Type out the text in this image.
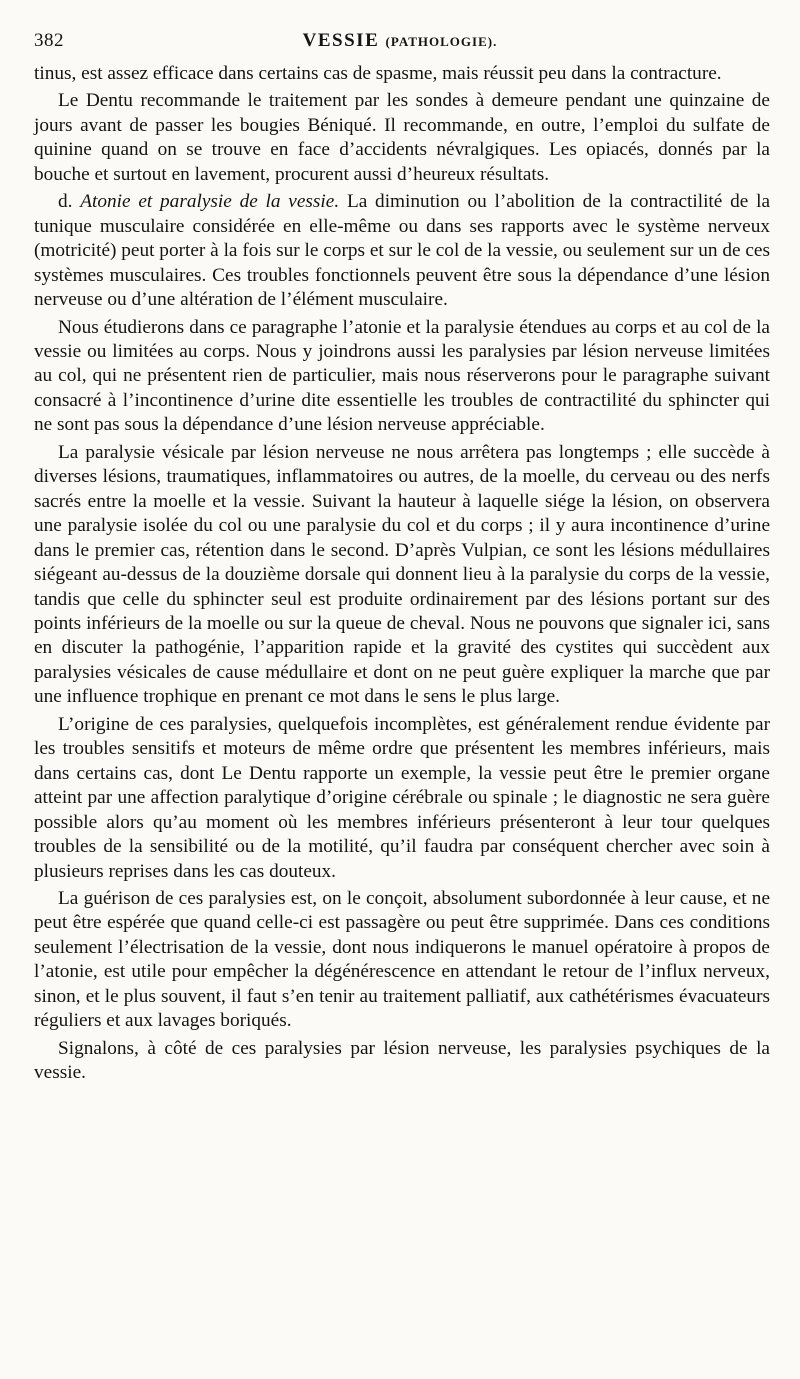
382	VESSIE (PATHOLOGIE).

tinus, est assez efficace dans certains cas de spasme, mais réussit peu dans la contracture.

Le Dentu recommande le traitement par les sondes à demeure pendant une quinzaine de jours avant de passer les bougies Béniqué. Il recommande, en outre, l’emploi du sulfate de quinine quand on se trouve en face d’accidents névralgiques. Les opiacés, donnés par la bouche et surtout en lavement, procurent aussi d’heureux résultats.

d. Atonie et paralysie de la vessie. La diminution ou l’abolition de la contractilité de la tunique musculaire considérée en elle-même ou dans ses rapports avec le système nerveux (motricité) peut porter à la fois sur le corps et sur le col de la vessie, ou seulement sur un de ces systèmes musculaires. Ces troubles fonctionnels peuvent être sous la dépendance d’une lésion nerveuse ou d’une altération de l’élément musculaire.

Nous étudierons dans ce paragraphe l’atonie et la paralysie étendues au corps et au col de la vessie ou limitées au corps. Nous y joindrons aussi les paralysies par lésion nerveuse limitées au col, qui ne présentent rien de particulier, mais nous réserverons pour le paragraphe suivant consacré à l’incontinence d’urine dite essentielle les troubles de contractilité du sphincter qui ne sont pas sous la dépendance d’une lésion nerveuse appréciable.

La paralysie vésicale par lésion nerveuse ne nous arrêtera pas longtemps ; elle succède à diverses lésions, traumatiques, inflammatoires ou autres, de la moelle, du cerveau ou des nerfs sacrés entre la moelle et la vessie. Suivant la hauteur à laquelle siége la lésion, on observera une paralysie isolée du col ou une paralysie du col et du corps ; il y aura incontinence d’urine dans le premier cas, rétention dans le second. D’après Vulpian, ce sont les lésions médullaires siégeant au-dessus de la douzième dorsale qui donnent lieu à la paralysie du corps de la vessie, tandis que celle du sphincter seul est produite ordinairement par des lésions portant sur des points inférieurs de la moelle ou sur la queue de cheval. Nous ne pouvons que signaler ici, sans en discuter la pathogénie, l’apparition rapide et la gravité des cystites qui succèdent aux paralysies vésicales de cause médullaire et dont on ne peut guère expliquer la marche que par une influence trophique en prenant ce mot dans le sens le plus large.

L’origine de ces paralysies, quelquefois incomplètes, est généralement rendue évidente par les troubles sensitifs et moteurs de même ordre que présentent les membres inférieurs, mais dans certains cas, dont Le Dentu rapporte un exemple, la vessie peut être le premier organe atteint par une affection paralytique d’origine cérébrale ou spinale ; le diagnostic ne sera guère possible alors qu’au moment où les membres inférieurs présenteront à leur tour quelques troubles de la sensibilité ou de la motilité, qu’il faudra par conséquent chercher avec soin à plusieurs reprises dans les cas douteux.

La guérison de ces paralysies est, on le conçoit, absolument subordonnée à leur cause, et ne peut être espérée que quand celle-ci est passagère ou peut être supprimée. Dans ces conditions seulement l’électrisation de la vessie, dont nous indiquerons le manuel opératoire à propos de l’atonie, est utile pour empêcher la dégénérescence en attendant le retour de l’influx nerveux, sinon, et le plus souvent, il faut s’en tenir au traitement palliatif, aux cathétérismes évacuateurs réguliers et aux lavages boriqués.

Signalons, à côté de ces paralysies par lésion nerveuse, les paralysies psychiques de la vessie.
